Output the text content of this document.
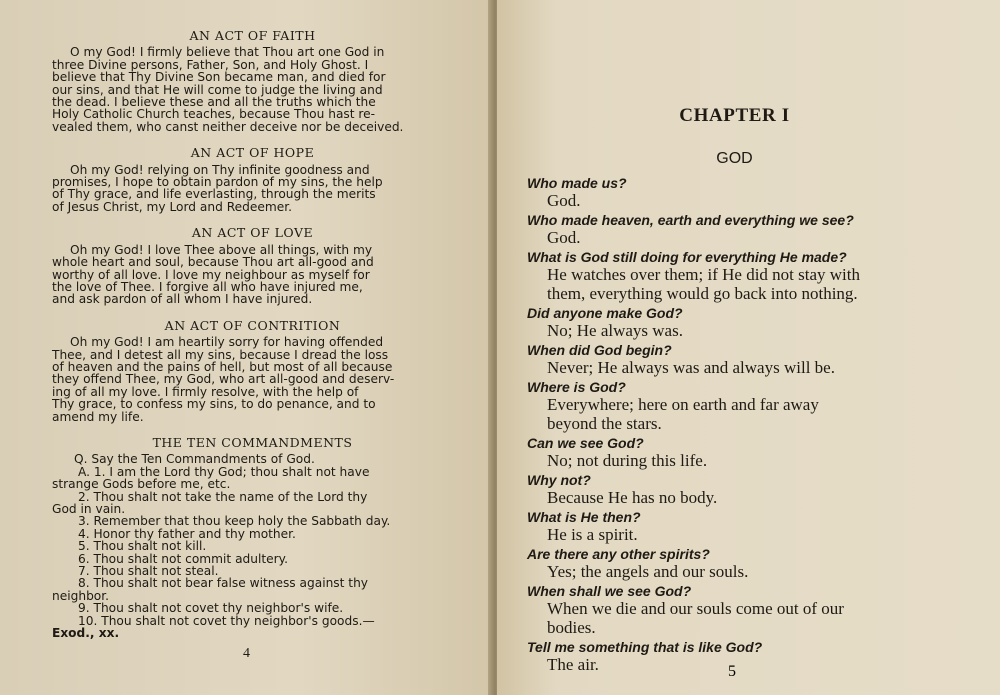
AN ACT OF FAITH
O my God! I firmly believe that Thou art one God in
three Divine persons, Father, Son, and Holy Ghost. I
believe that Thy Divine Son became man, and died for
our sins, and that He will come to judge the living and
the dead. I believe these and all the truths which the
Holy Catholic Church teaches, because Thou hast re-
vealed them, who canst neither deceive nor be deceived.
AN ACT OF HOPE
Oh my God! relying on Thy infinite goodness and
promises, I hope to obtain pardon of my sins, the help
of Thy grace, and life everlasting, through the merits
of Jesus Christ, my Lord and Redeemer.
AN ACT OF LOVE
Oh my God! I love Thee above all things, with my
whole heart and soul, because Thou art all-good and
worthy of all love. I love my neighbour as myself for
the love of Thee. I forgive all who have injured me,
and ask pardon of all whom I have injured.
AN ACT OF CONTRITION
Oh my God! I am heartily sorry for having offended
Thee, and I detest all my sins, because I dread the loss
of heaven and the pains of hell, but most of all because
they offend Thee, my God, who art all-good and deserv-
ing of all my love. I firmly resolve, with the help of
Thy grace, to confess my sins, to do penance, and to
amend my life.
THE TEN COMMANDMENTS
Q. Say the Ten Commandments of God.
A. 1. I am the Lord thy God; thou shalt not have
strange Gods before me, etc.
2. Thou shalt not take the name of the Lord thy
God in vain.
3. Remember that thou keep holy the Sabbath day.
4. Honor thy father and thy mother.
5. Thou shalt not kill.
6. Thou shalt not commit adultery.
7. Thou shalt not steal.
8. Thou shalt not bear false witness against thy
neighbor.
9. Thou shalt not covet thy neighbor's wife.
10. Thou shalt not covet thy neighbor's goods.—
Exod., xx.
4
CHAPTER I
GOD
Who made us?
God.
Who made heaven, earth and everything we see?
God.
What is God still doing for everything He made?
He watches over them; if He did not stay with
them, everything would go back into nothing.
Did anyone make God?
No; He always was.
When did God begin?
Never; He always was and always will be.
Where is God?
Everywhere; here on earth and far away
beyond the stars.
Can we see God?
No; not during this life.
Why not?
Because He has no body.
What is He then?
He is a spirit.
Are there any other spirits?
Yes; the angels and our souls.
When shall we see God?
When we die and our souls come out of our
bodies.
Tell me something that is like God?
The air.	5
